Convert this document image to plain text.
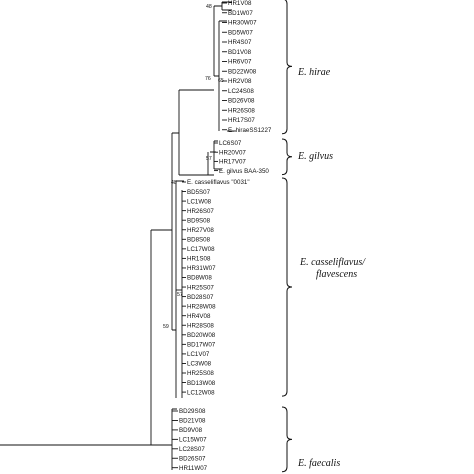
HR1V08
BD1W07
HR30W07
BD5W07
HR4S07
BD1V08
HR6V07
BD22W08
HR2V08
LC24S08
BD26V08
HR26S08
HR17S07
E. hiraeSS1227
LC6S07
HR20V07
HR17V07
E. gilvus BAA-350
E. casseliflavus "0031"
BD5S07
LC1W08
HR26S07
BD9S08
HR27V08
BD8S08
LC17W08
HR1S08
HR31W07
BD8W08
HR25S07
BD28S07
HR28W08
HR4V08
HR28S08
BD20W08
BD17W07
LC1V07
LC3W08
HR25S08
BD13W08
LC12W08
BD29S08
BD21V08
BD9V08
LC15W07
LC28S07
BD26S07
HR11W07
48
76 65
57
48
57
59
E. hirae
E. gilvus
E. casseliflavus/
flavescens
E. faecalis
